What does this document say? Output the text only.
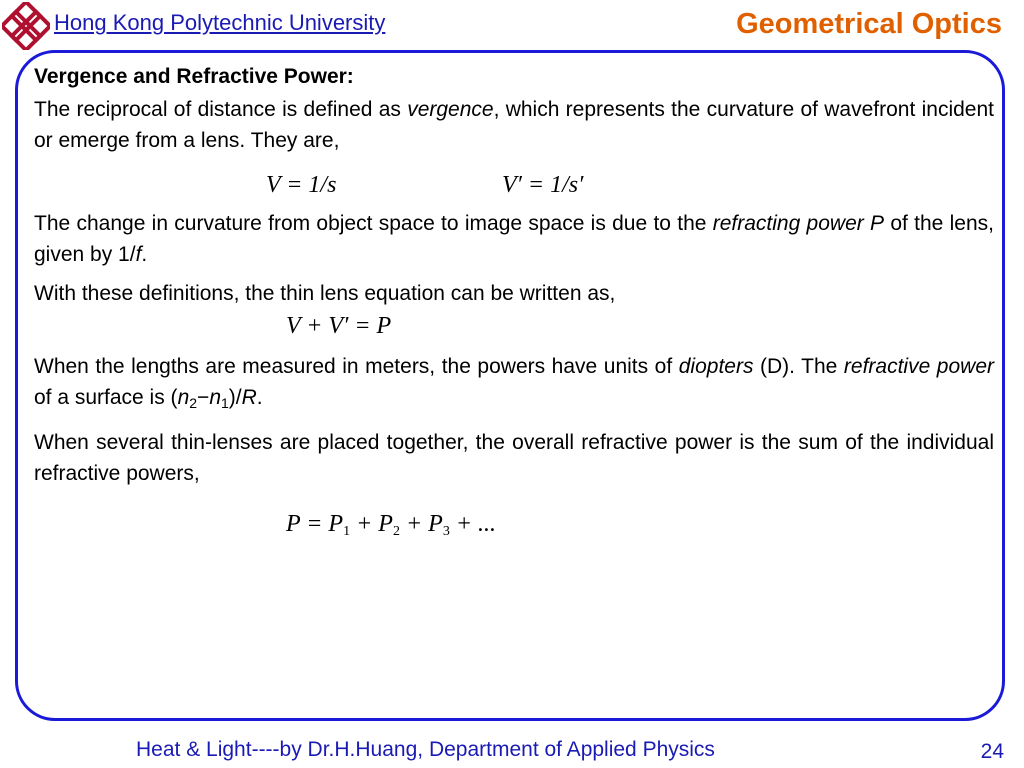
Hong Kong Polytechnic University	Geometrical Optics
Vergence and Refractive Power:

The reciprocal of distance is defined as vergence, which represents the curvature of wavefront incident or emerge from a lens. They are,

V = 1/s	V′ = 1/s′

The change in curvature from object space to image space is due to the refracting power P of the lens, given by 1/f.

With these definitions, the thin lens equation can be written as,

V + V′ = P

When the lengths are measured in meters, the powers have units of diopters (D). The refractive power of a surface is $(n_2-n_1)/R$.

When several thin-lenses are placed together, the overall refractive power is the sum of the individual refractive powers,

$P = P_1 + P_2 + P_3$ + ...
Heat & Light----by Dr.H.Huang, Department of Applied Physics	24
